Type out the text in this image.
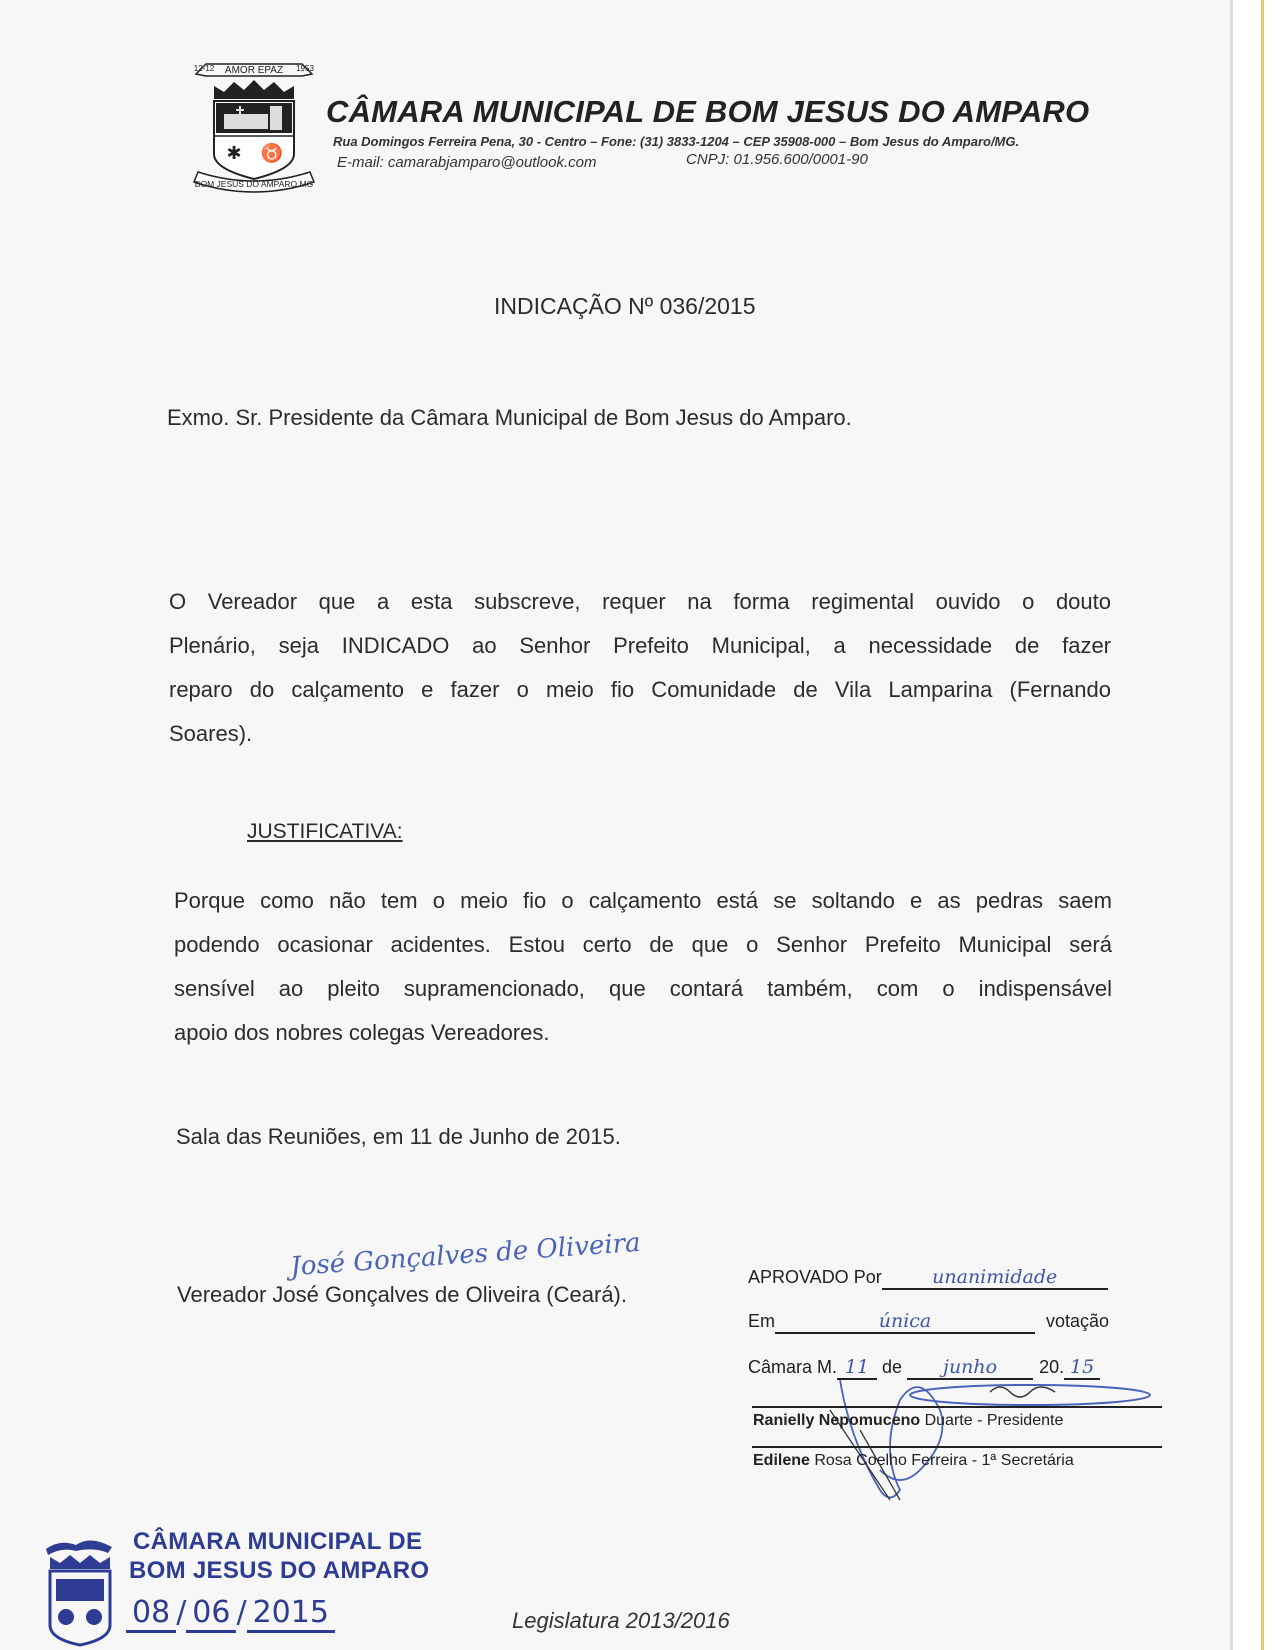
AMOR EPAZ
12-12	1953
✱ ♉
BOM JESUS DO AMPARO MG
CÂMARA MUNICIPAL DE BOM JESUS DO AMPARO
Rua Domingos Ferreira Pena, 30 - Centro – Fone: (31) 3833-1204 – CEP 35908-000 – Bom Jesus do Amparo/MG.
E-mail: camarabjamparo@outlook.com	CNPJ: 01.956.600/0001-90
INDICAÇÃO Nº 036/2015
Exmo. Sr. Presidente da Câmara Municipal de Bom Jesus do Amparo.
O Vereador que a esta subscreve, requer na forma regimental ouvido o douto
Plenário, seja INDICADO ao Senhor Prefeito Municipal, a necessidade de fazer
reparo do calçamento e fazer o meio fio Comunidade de Vila Lamparina (Fernando
Soares).
JUSTIFICATIVA:
Porque como não tem o meio fio o calçamento está se soltando e as pedras saem
podendo ocasionar acidentes. Estou certo de que o Senhor Prefeito Municipal será
sensível ao pleito supramencionado, que contará também, com o indispensável
apoio dos nobres colegas Vereadores.
Sala das Reuniões, em 11 de Junho de 2015.
José Gonçalves de Oliveira
Vereador José Gonçalves de Oliveira (Ceará).
APROVADO Por	unanimidade
Em	única	votação
Câmara M. 11 de junho 20. 15
Ranielly Nepomuceno Duarte - Presidente
Edilene Rosa Coelho Ferreira - 1ª Secretária
CÂMARA MUNICIPAL DE
BOM JESUS DO AMPARO
08 / 06 / 2015	Legislatura 2013/2016
